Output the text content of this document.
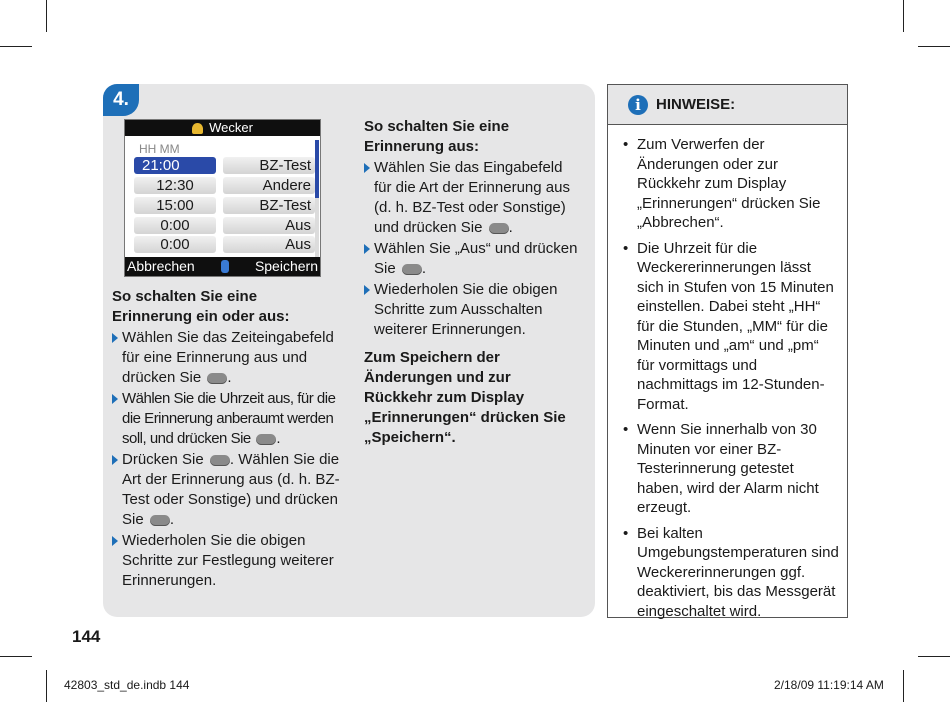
4.
Wecker
HH MM
21:00	BZ-Test
12:30	Andere
15:00	BZ-Test
0:00	Aus
0:00	Aus
Abbrechen	Speichern
So schalten Sie eine Erinnerung ein oder aus:
Wählen Sie das Zeiteingabefeld für eine Erinnerung aus und drücken Sie .
Wählen Sie die Uhrzeit aus, für die die Erinnerung anberaumt werden soll, und drücken Sie .
Drücken Sie . Wählen Sie die Art der Erinnerung aus (d. h. BZ-Test oder Sonstige) und drücken Sie .
Wiederholen Sie die obigen Schritte zur Festlegung weiterer Erinnerungen.
So schalten Sie eine Erinnerung aus:
Wählen Sie das Eingabefeld für die Art der Erinnerung aus (d. h. BZ-Test oder Sonstige) und drücken Sie .
Wählen Sie „Aus“ und drücken Sie .
Wiederholen Sie die obigen Schritte zum Ausschalten weiterer Erinnerungen.
Zum Speichern der Änderungen und zur Rückkehr zum Display „Erinnerungen“ drücken Sie „Speichern“.
i	HINWEISE:
• Zum Verwerfen der Änderungen oder zur Rückkehr zum Display „Erinnerungen“ drücken Sie „Abbrechen“.
• Die Uhrzeit für die Weckererinnerungen lässt sich in Stufen von 15 Minuten einstellen. Dabei steht „HH“ für die Stunden, „MM“ für die Minuten und „am“ und „pm“ für vormittags und nachmittags im 12-Stunden-Format.
• Wenn Sie innerhalb von 30 Minuten vor einer BZ-Testerinnerung getestet haben, wird der Alarm nicht erzeugt.
• Bei kalten Umgebungstemperaturen sind Weckererinnerungen ggf. deaktiviert, bis das Messgerät eingeschaltet wird.
144
42803_std_de.indb 144	2/18/09 11:19:14 AM
